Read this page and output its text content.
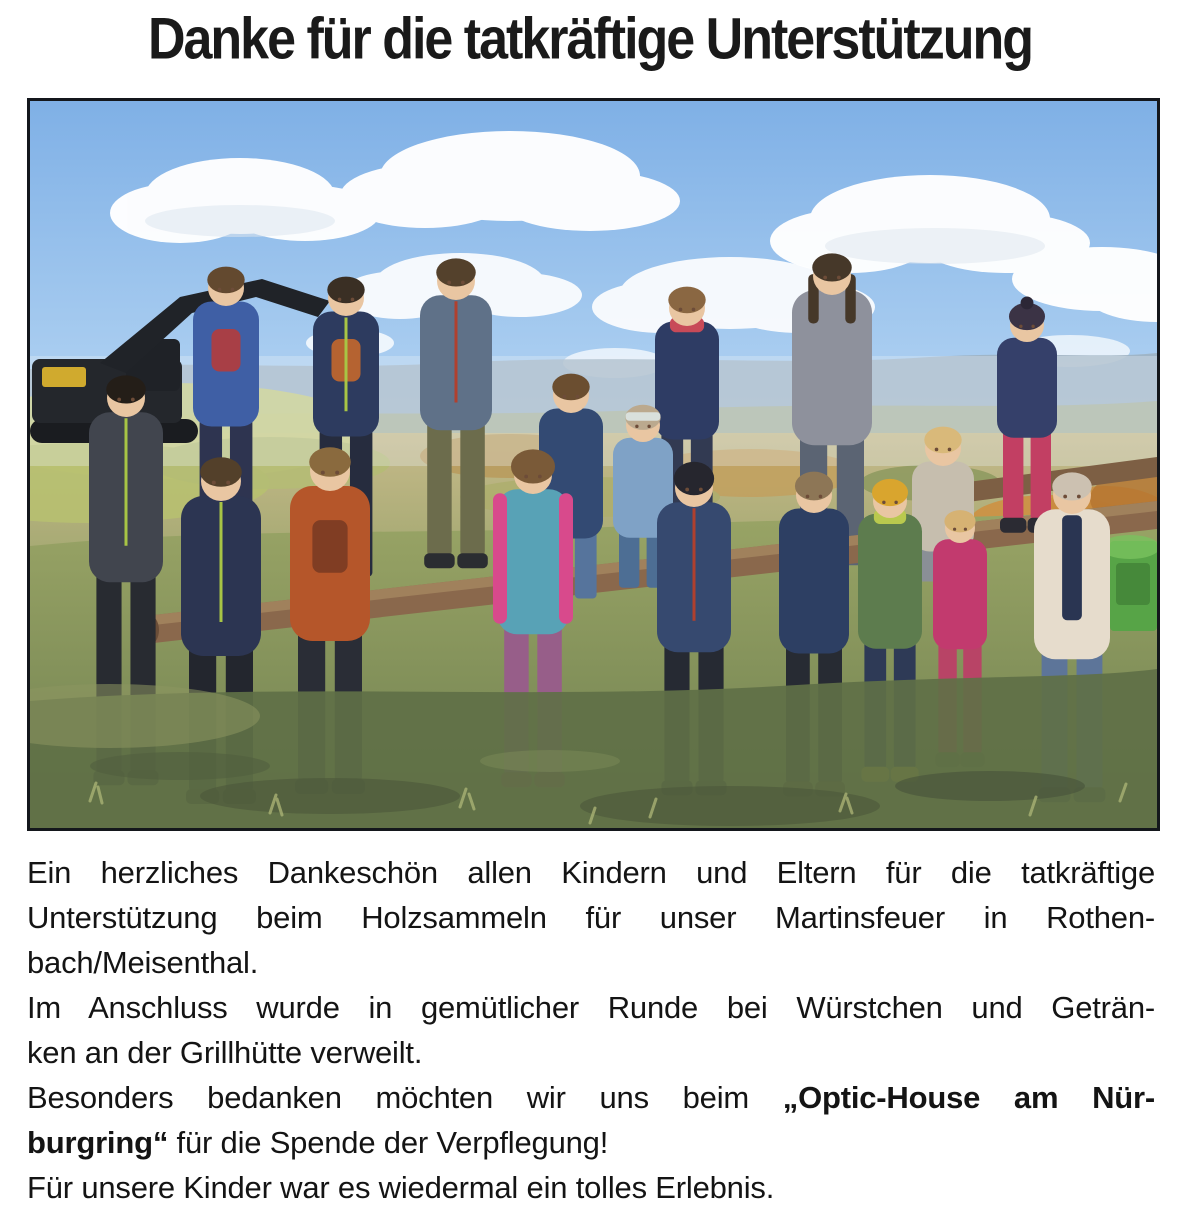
Danke für die tatkräftige Unterstützung
Ein herzliches Dankeschön allen Kindern und Eltern für die tatkräftige
Unterstützung beim Holzsammeln für unser Martinsfeuer in Rothen-
bach/Meisenthal.
Im Anschluss wurde in gemütlicher Runde bei Würstchen und Geträn-
ken an der Grillhütte verweilt.
Besonders bedanken möchten wir uns beim „Optic-House am Nür-
burgring“ für die Spende der Verpflegung!
Für unsere Kinder war es wiedermal ein tolles Erlebnis.
